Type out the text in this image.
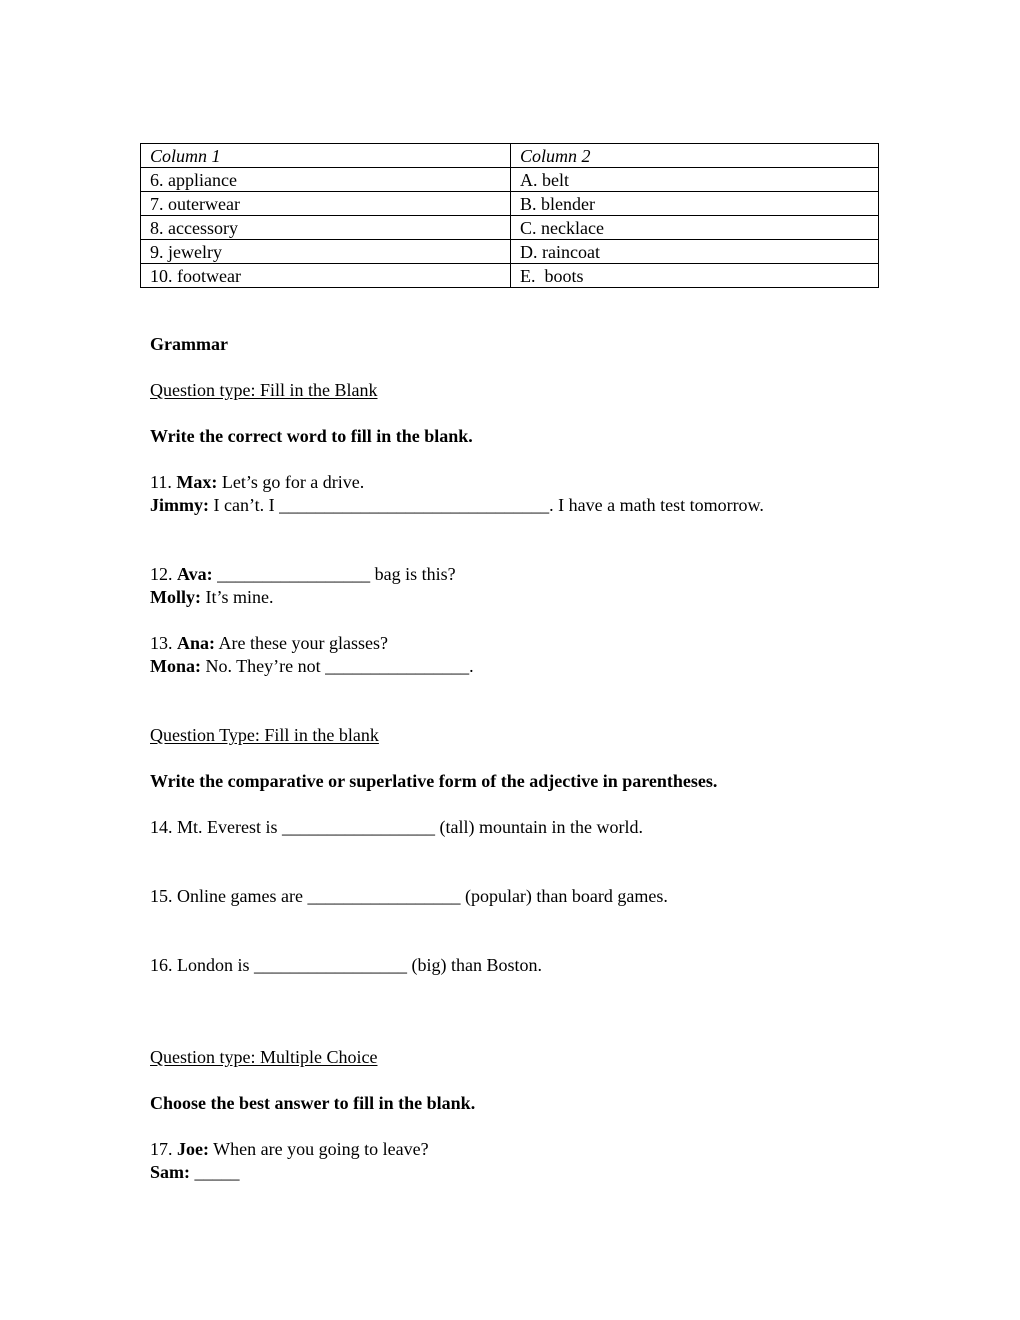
Column 1	Column 2
6. appliance	A. belt
7. outerwear	B. blender
8. accessory	C. necklace
9. jewelry	D. raincoat
10. footwear	E.  boots
Grammar
Question type: Fill in the Blank
Write the correct word to fill in the blank.
11. Max: Let’s go for a drive.
Jimmy: I can’t. I ______________________________. I have a math test tomorrow.
12. Ava: _________________ bag is this?
Molly: It’s mine.
13. Ana: Are these your glasses?
Mona: No. They’re not ________________.
Question Type: Fill in the blank
Write the comparative or superlative form of the adjective in parentheses.
14. Mt. Everest is _________________ (tall) mountain in the world.
15. Online games are _________________ (popular) than board games.
16. London is _________________ (big) than Boston.
Question type: Multiple Choice
Choose the best answer to fill in the blank.
17. Joe: When are you going to leave?
Sam: _____
